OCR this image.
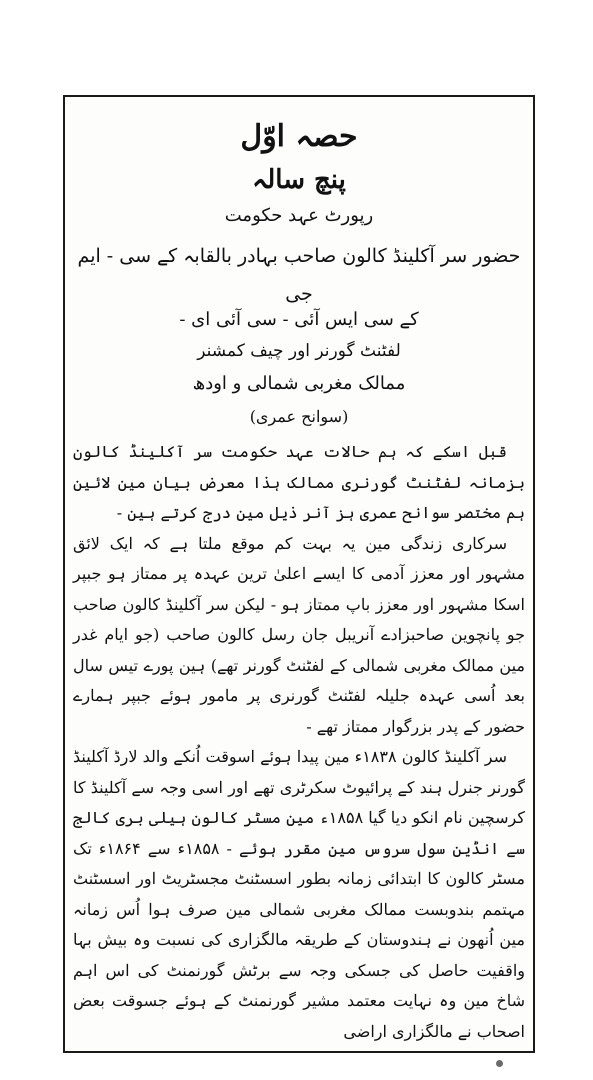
حصہ اوّل
پنچ سالہ
رپورٹ عہد حکومت
حضور سر آکلینڈ کالون صاحب بہادر بالقابہ کے سی - ایم جی
کے سی ایس آئی - سی آئی ای -
لفٹنٹ گورنر اور چیف کمشنر
ممالک مغربی شمالی و اودھ
(سوانح عمری)

قبل اسکے کہ ہم حالات عہد حکومت سر آکلینڈ کالون بزمانہ لفٹنٹ گورنری ممالک ہذا معرض بیان مین لائین ہم مختصر سوانح عمری ہز آنر ذیل مین درج کرتے ہین -

سرکاری زندگی مین یہ بہت کم موقع ملتا ہے کہ ایک لائق مشہور اور معزز آدمی کا ایسے اعلیٰ ترین عہدہ پر ممتاز ہو جبپر اسکا مشہور اور معزز باپ ممتاز ہو - لیکن سر آکلینڈ کالون صاحب جو پانچوین صاحبزادے آنریبل جان رسل کالون صاحب (جو ایام غدر مین ممالک مغربی شمالی کے لفٹنٹ گورنر تھے) ہین پورے تیس سال بعد اُسی عہدہ جلیلہ لفٹنٹ گورنری پر مامور ہوئے جبپر ہمارے حضور کے پدر بزرگوار ممتاز تھے -

سر آکلینڈ کالون ۱۸۳۸ء مین پیدا ہوئے اسوقت اُنکے والد لارڈ آکلینڈ گورنر جنرل ہند کے پرائیوٹ سکرٹری تھے اور اسی وجہ سے آکلینڈ کا کرسچین نام انکو دیا گیا ۱۸۵۸ء مین مسٹر کالون ہیلی بری کالج سے انڈین سول سروس مین مقرر ہوئے - ۱۸۵۸ء سے ۱۸۶۴ء تک مسٹر کالون کا ابتدائی زمانہ بطور اسسٹنٹ مجسٹریٹ اور اسسٹنٹ مہتمم بندوبست ممالک مغربی شمالی مین صرف ہوا اُس زمانہ مین اُنھون نے ہندوستان کے طریقہ مالگزاری کی نسبت وہ بیش بہا واقفیت حاصل کی جسکی وجہ سے برٹش گورنمنٹ کی اس اہم شاخ مین وہ نہایت معتمد مشیر گورنمنٹ کے ہوئے جسوقت بعض اصحاب نے مالگزاری اراضی
